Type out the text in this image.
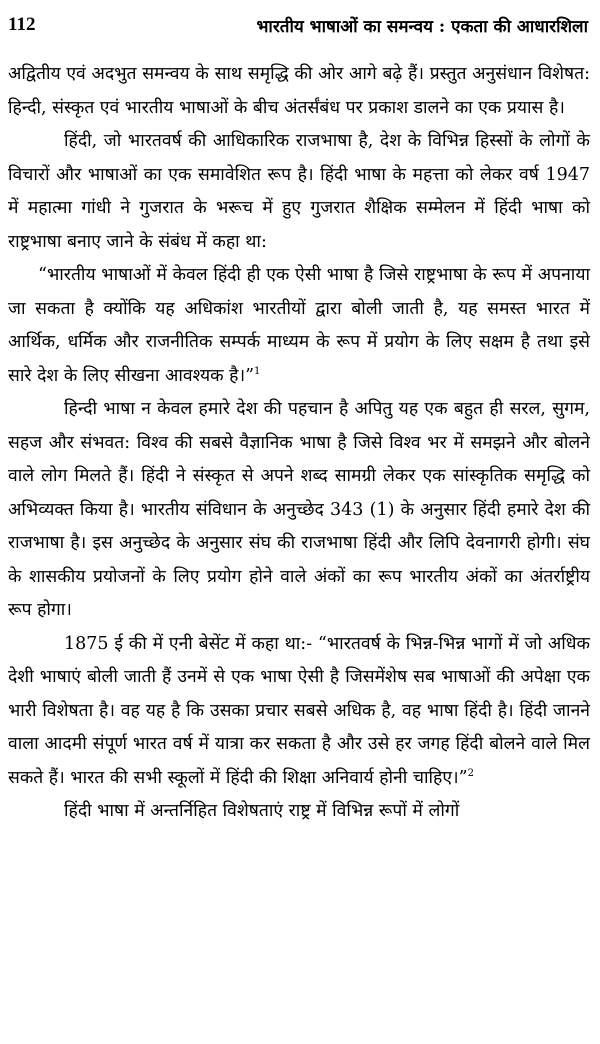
112	भारतीय भाषाओं का समन्वय : एकता की आधारशिला

अद्वितीय एवं अदभुत समन्वय के साथ समृद्धि की ओर आगे बढ़े हैं। प्रस्तुत अनुसंधान विशेषत: हिन्दी, संस्कृत एवं भारतीय भाषाओं के बीच अंतर्संबंध पर प्रकाश डालने का एक प्रयास है।

हिंदी, जो भारतवर्ष की आधिकारिक राजभाषा है, देश के विभिन्न हिस्सों के लोगों के विचारों और भाषाओं का एक समावेशित रूप है। हिंदी भाषा के महत्ता को लेकर वर्ष 1947 में महात्मा गांधी ने गुजरात के भरूच में हुए गुजरात शैक्षिक सम्मेलन में हिंदी भाषा को राष्ट्रभाषा बनाए जाने के संबंध में कहा था:

“भारतीय भाषाओं में केवल हिंदी ही एक ऐसी भाषा है जिसे राष्ट्रभाषा के रूप में अपनाया जा सकता है क्योंकि यह अधिकांश भारतीयों द्वारा बोली जाती है, यह समस्त भारत में आर्थिक, धर्मिक और राजनीतिक सम्पर्क माध्यम के रूप में प्रयोग के लिए सक्षम है तथा इसे सारे देश के लिए सीखना आवश्यक है।”$^1$

हिन्दी भाषा न केवल हमारे देश की पहचान है अपितु यह एक बहुत ही सरल, सुगम, सहज और संभवत: विश्व की सबसे वैज्ञानिक भाषा है जिसे विश्व भर में समझने और बोलने वाले लोग मिलते हैं। हिंदी ने संस्कृत से अपने शब्द सामग्री लेकर एक सांस्कृतिक समृद्धि को अभिव्यक्त किया है। भारतीय संविधान के अनुच्छेद 343 (1) के अनुसार हिंदी हमारे देश की राजभाषा है। इस अनुच्छेद के अनुसार संघ की राजभाषा हिंदी और लिपि देवनागरी होगी। संघ के शासकीय प्रयोजनों के लिए प्रयोग होने वाले अंकों का रूप भारतीय अंकों का अंतर्राष्ट्रीय रूप होगा।

1875 ई की में एनी बेसेंट में कहा था:- “भारतवर्ष के भिन्न-भिन्न भागों में जो अधिक देशी भाषाएं बोली जाती हैं उनमें से एक भाषा ऐसी है जिसमेंशेष सब भाषाओं की अपेक्षा एक भारी विशेषता है। वह यह है कि उसका प्रचार सबसे अधिक है, वह भाषा हिंदी है। हिंदी जानने वाला आदमी संपूर्ण भारत वर्ष में यात्रा कर सकता है और उसे हर जगह हिंदी बोलने वाले मिल सकते हैं। भारत की सभी स्कूलों में हिंदी की शिक्षा अनिवार्य होनी चाहिए।”$^2$

हिंदी भाषा में अन्तर्निहित विशेषताएं राष्ट्र में विभिन्न रूपों में लोगों
